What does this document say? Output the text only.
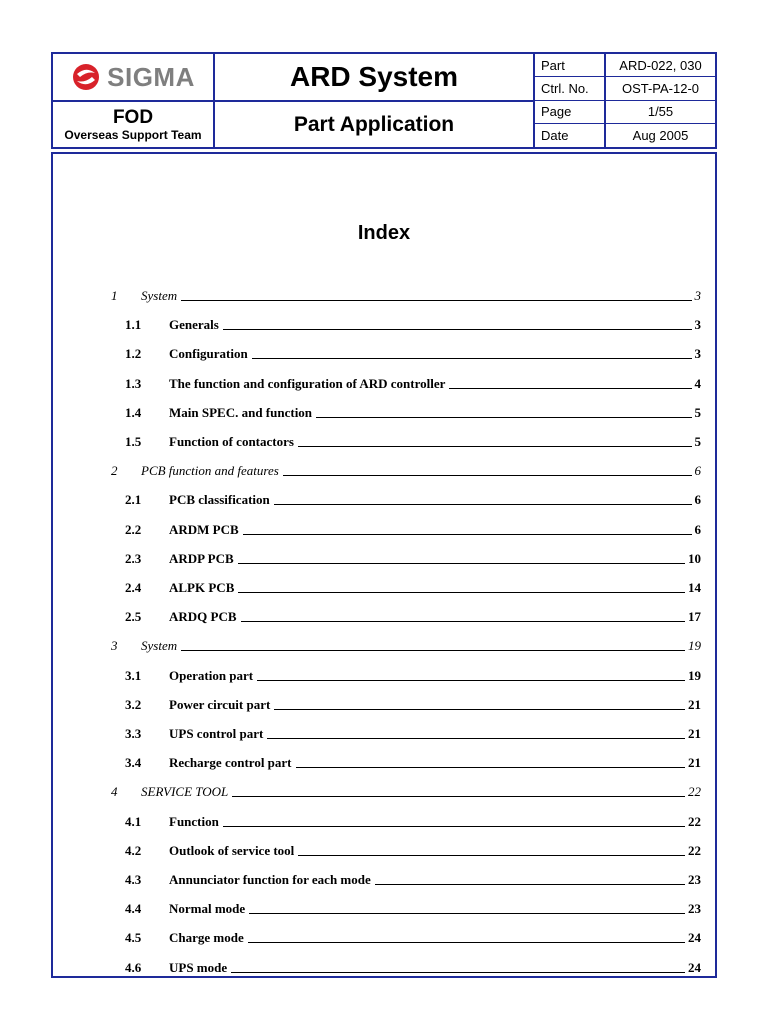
SIGMA
FOD
Overseas Support Team
ARD System
Part Application
Part	ARD-022, 030
Ctrl. No.	OST-PA-12-0
Page	1/55
Date	Aug 2005
Index
1	System	3
1.1	Generals	3
1.2	Configuration	3
1.3	The function and configuration of ARD controller	4
1.4	Main SPEC. and function	5
1.5	Function of contactors	5
2	PCB function and features	6
2.1	PCB classification	6
2.2	ARDM PCB	6
2.3	ARDP PCB	10
2.4	ALPK PCB	14
2.5	ARDQ PCB	17
3	System	19
3.1	Operation part	19
3.2	Power circuit part	21
3.3	UPS control part	21
3.4	Recharge control part	21
4	SERVICE TOOL	22
4.1	Function	22
4.2	Outlook of service tool	22
4.3	Annunciator function for each mode	23
4.4	Normal mode	23
4.5	Charge mode	24
4.6	UPS mode	24
